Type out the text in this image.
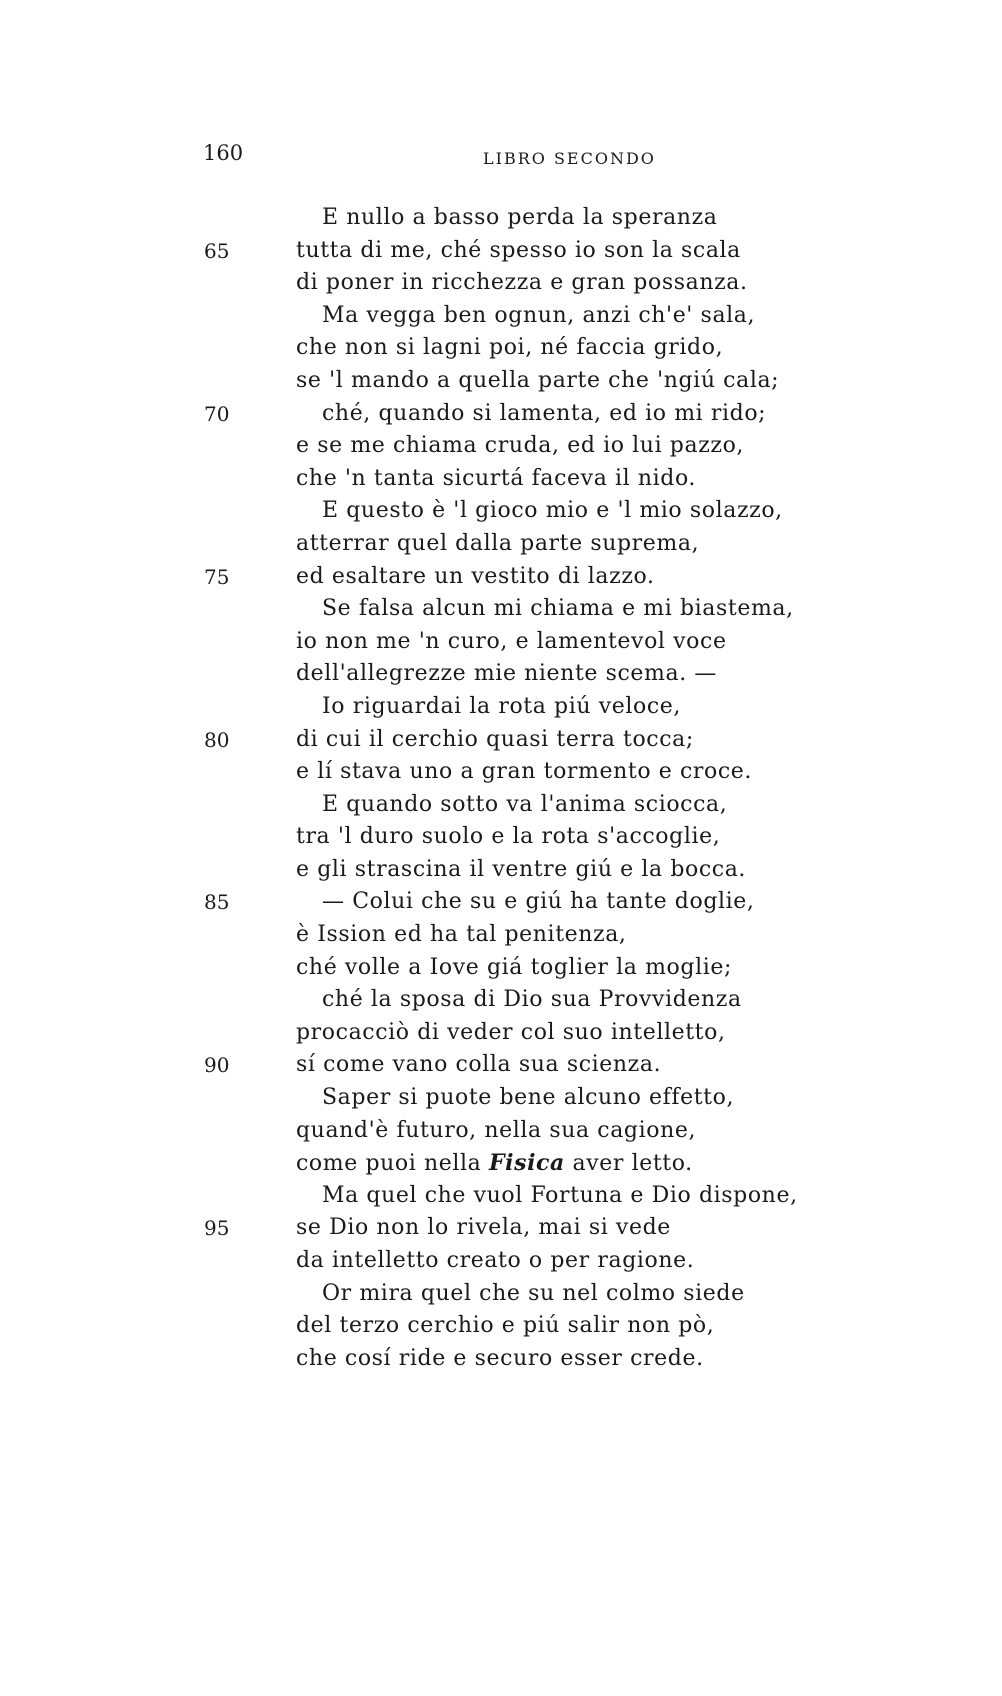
160	LIBRO SECONDO
E nullo a basso perda la speranza
65	tutta di me, ché spesso io son la scala
di poner in ricchezza e gran possanza.
Ma vegga ben ognun, anzi ch'e' sala,
che non si lagni poi, né faccia grido,
se 'l mando a quella parte che 'ngiú cala;
70	ché, quando si lamenta, ed io mi rido;
e se me chiama cruda, ed io lui pazzo,
che 'n tanta sicurtá faceva il nido.
E questo è 'l gioco mio e 'l mio solazzo,
atterrar quel dalla parte suprema,
75	ed esaltare un vestito di lazzo.
Se falsa alcun mi chiama e mi biastema,
io non me 'n curo, e lamentevol voce
dell'allegrezze mie niente scema. —
Io riguardai la rota piú veloce,
80	di cui il cerchio quasi terra tocca;
e lí stava uno a gran tormento e croce.
E quando sotto va l'anima sciocca,
tra 'l duro suolo e la rota s'accoglie,
e gli strascina il ventre giú e la bocca.
85	— Colui che su e giú ha tante doglie,
è Ission ed ha tal penitenza,
ché volle a Iove giá toglier la moglie;
ché la sposa di Dio sua Provvidenza
procacciò di veder col suo intelletto,
90	sí come vano colla sua scienza.
Saper si puote bene alcuno effetto,
quand'è futuro, nella sua cagione,
come puoi nella Fisica aver letto.
Ma quel che vuol Fortuna e Dio dispone,
95	se Dio non lo rivela, mai si vede
da intelletto creato o per ragione.
Or mira quel che su nel colmo siede
del terzo cerchio e piú salir non pò,
che cosí ride e securo esser crede.
